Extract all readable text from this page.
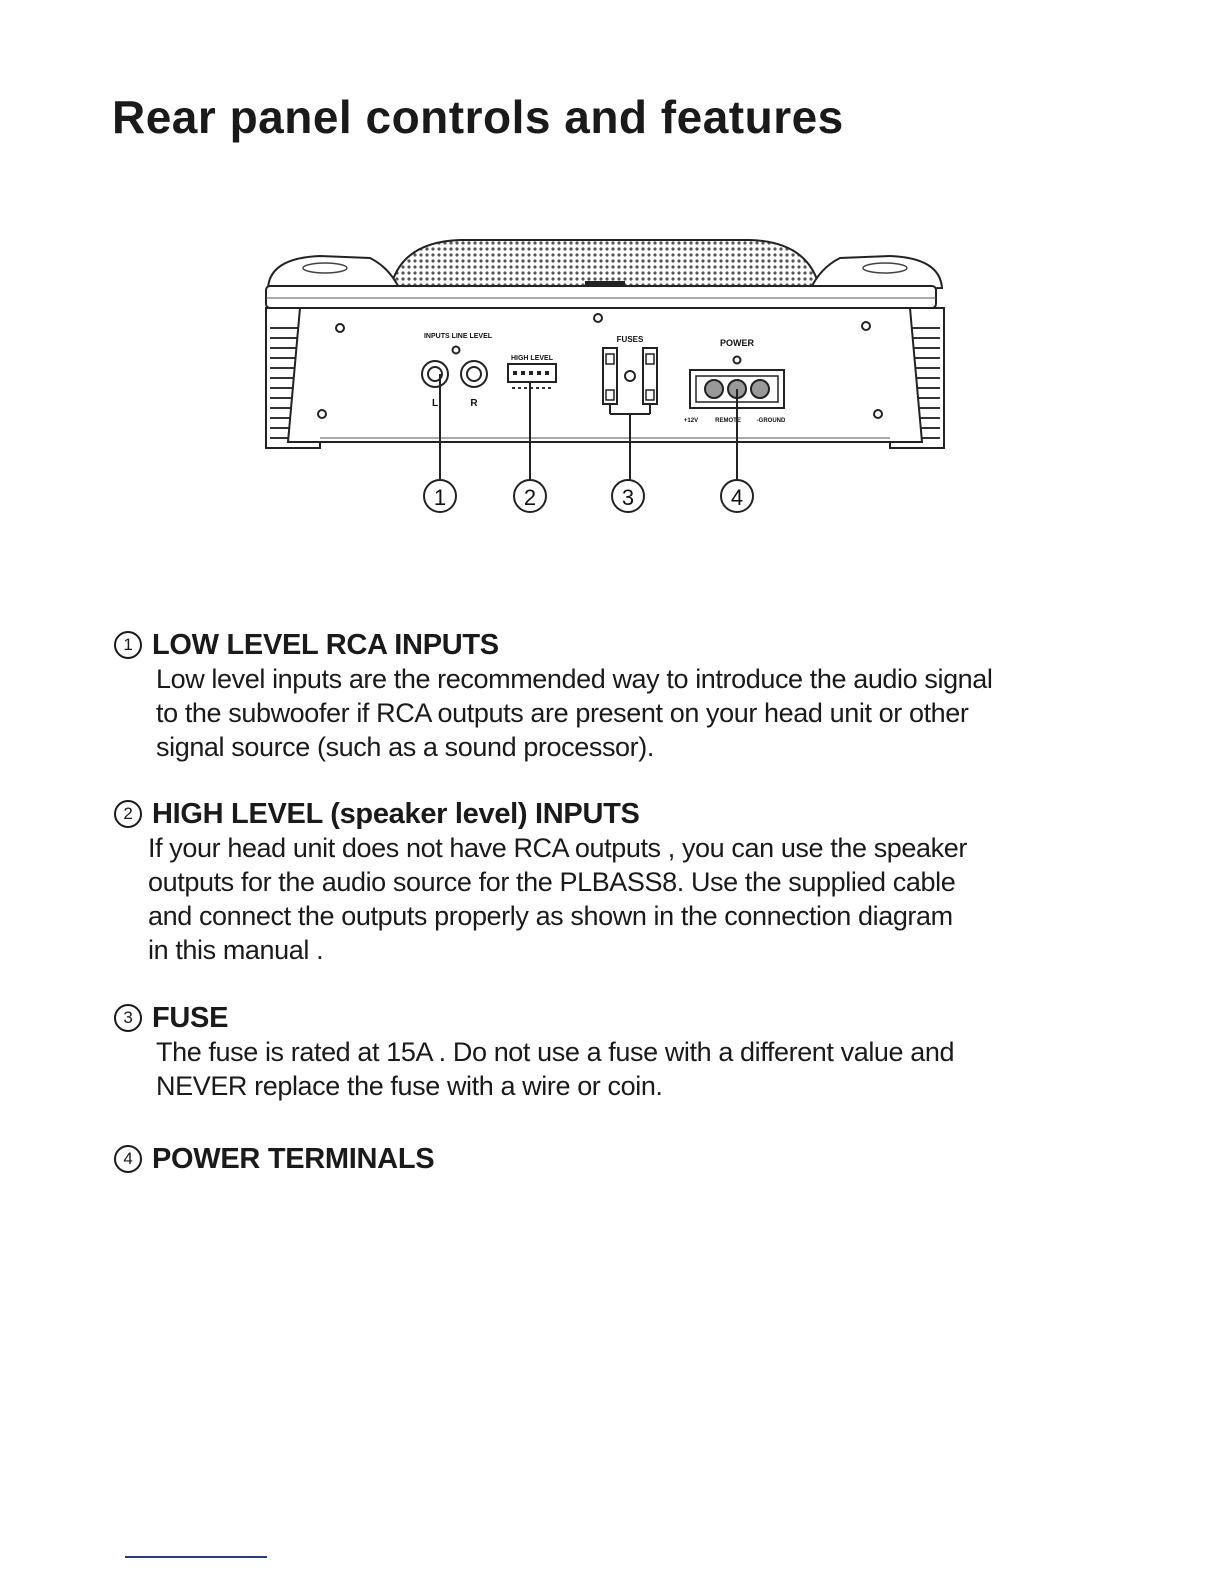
Rear panel controls and features
INPUTS LINE LEVEL
L	R
HIGH LEVEL
FUSES	POWER
+12V	REMOTE	-GROUND
1	2	3	4
1 LOW LEVEL RCA INPUTS

Low level inputs are the recommended way to introduce the audio signal

to the subwoofer if RCA outputs are present on your head unit or other

signal source (such as a sound processor).

2 HIGH LEVEL (speaker level) INPUTS

If your head unit does not have RCA outputs , you can use the speaker

outputs for the audio source for the PLBASS8. Use the supplied cable

and connect the outputs properly as shown in the connection diagram

in this manual .

3 FUSE

The fuse is rated at 15A . Do not use a fuse with a different value and

NEVER replace the fuse with a wire or coin.

4 POWER TERMINALS
